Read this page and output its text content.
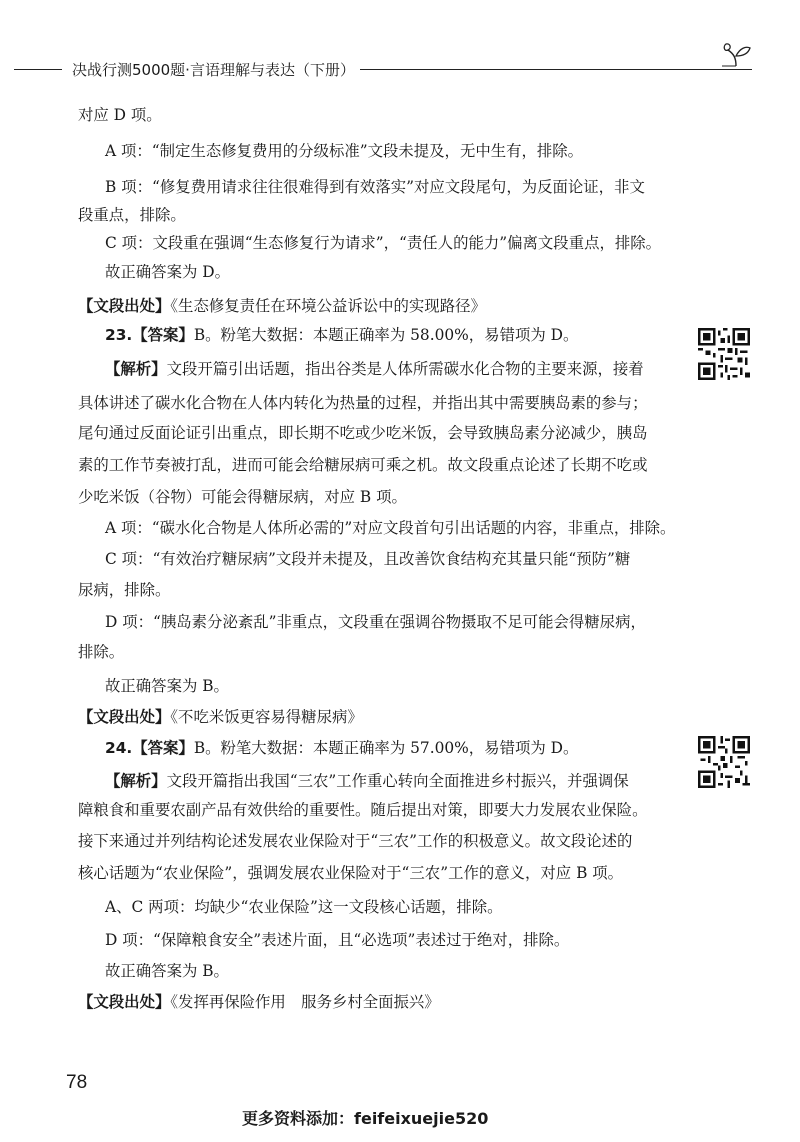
决战行测5000题·言语理解与表达（下册）
对应 D 项。
A 项：“制定生态修复费用的分级标准”文段未提及，无中生有，排除。
B 项：“修复费用请求往往很难得到有效落实”对应文段尾句，为反面论证，非文
段重点，排除。
C 项：文段重在强调“生态修复行为请求”，“责任人的能力”偏离文段重点，排除。
故正确答案为 D。
【文段出处】《生态修复责任在环境公益诉讼中的实现路径》
23.【答案】B。粉笔大数据：本题正确率为 58.00%，易错项为 D。
【解析】文段开篇引出话题，指出谷类是人体所需碳水化合物的主要来源，接着
具体讲述了碳水化合物在人体内转化为热量的过程，并指出其中需要胰岛素的参与；
尾句通过反面论证引出重点，即长期不吃或少吃米饭，会导致胰岛素分泌减少，胰岛
素的工作节奏被打乱，进而可能会给糖尿病可乘之机。故文段重点论述了长期不吃或
少吃米饭（谷物）可能会得糖尿病，对应 B 项。
A 项：“碳水化合物是人体所必需的”对应文段首句引出话题的内容，非重点，排除。
C 项：“有效治疗糖尿病”文段并未提及，且改善饮食结构充其量只能“预防”糖
尿病，排除。
D 项：“胰岛素分泌紊乱”非重点，文段重在强调谷物摄取不足可能会得糖尿病，
排除。
故正确答案为 B。
【文段出处】《不吃米饭更容易得糖尿病》
24.【答案】B。粉笔大数据：本题正确率为 57.00%，易错项为 D。
【解析】文段开篇指出我国“三农”工作重心转向全面推进乡村振兴，并强调保
障粮食和重要农副产品有效供给的重要性。随后提出对策，即要大力发展农业保险。
接下来通过并列结构论述发展农业保险对于“三农”工作的积极意义。故文段论述的
核心话题为“农业保险”，强调发展农业保险对于“三农”工作的意义，对应 B 项。
A、C 两项：均缺少“农业保险”这一文段核心话题，排除。
D 项：“保障粮食安全”表述片面，且“必选项”表述过于绝对，排除。
故正确答案为 B。
【文段出处】《发挥再保险作用　服务乡村全面振兴》
78
更多资料添加：feifeixuejie520
